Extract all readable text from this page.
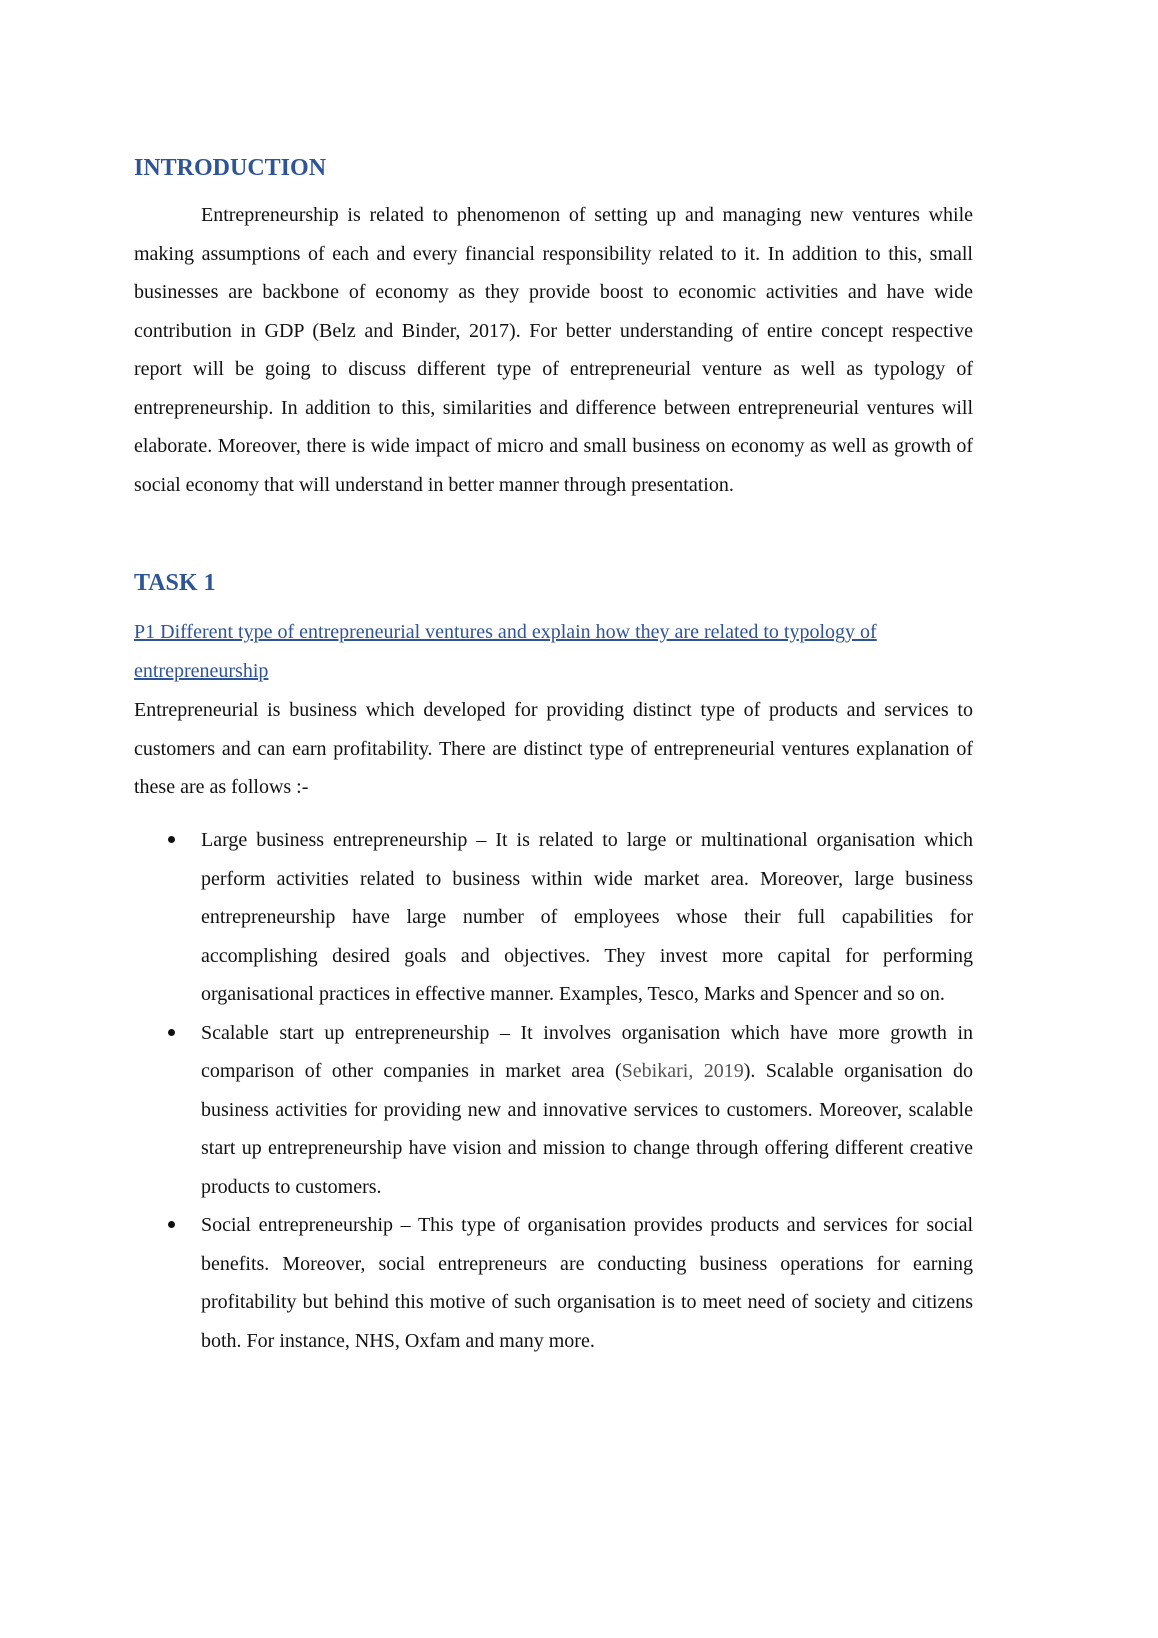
INTRODUCTION

Entrepreneurship is related to phenomenon of setting up and managing new ventures while making assumptions of each and every financial responsibility related to it. In addition to this, small businesses are backbone of economy as they provide boost to economic activities and have wide contribution in GDP (Belz and Binder, 2017). For better understanding of entire concept respective report will be going to discuss different type of entrepreneurial venture as well as typology of entrepreneurship. In addition to this, similarities and difference between entrepreneurial ventures will elaborate. Moreover, there is wide impact of micro and small business on economy as well as growth of social economy that will understand in better manner through presentation.

TASK 1

P1 Different type of entrepreneurial ventures and explain how they are related to typology of entrepreneurship

Entrepreneurial is business which developed for providing distinct type of products and services to customers and can earn profitability. There are distinct type of entrepreneurial ventures explanation of these are as follows :-

Large business entrepreneurship – It is related to large or multinational organisation which perform activities related to business within wide market area. Moreover, large business entrepreneurship have large number of employees whose their full capabilities for accomplishing desired goals and objectives. They invest more capital for performing organisational practices in effective manner. Examples, Tesco, Marks and Spencer and so on.
Scalable start up entrepreneurship – It involves organisation which have more growth in comparison of other companies in market area (Sebikari, 2019). Scalable organisation do business activities for providing new and innovative services to customers. Moreover, scalable start up entrepreneurship have vision and mission to change through offering different creative products to customers.
Social entrepreneurship – This type of organisation provides products and services for social benefits. Moreover, social entrepreneurs are conducting business operations for earning profitability but behind this motive of such organisation is to meet need of society and citizens both. For instance, NHS, Oxfam and many more.
